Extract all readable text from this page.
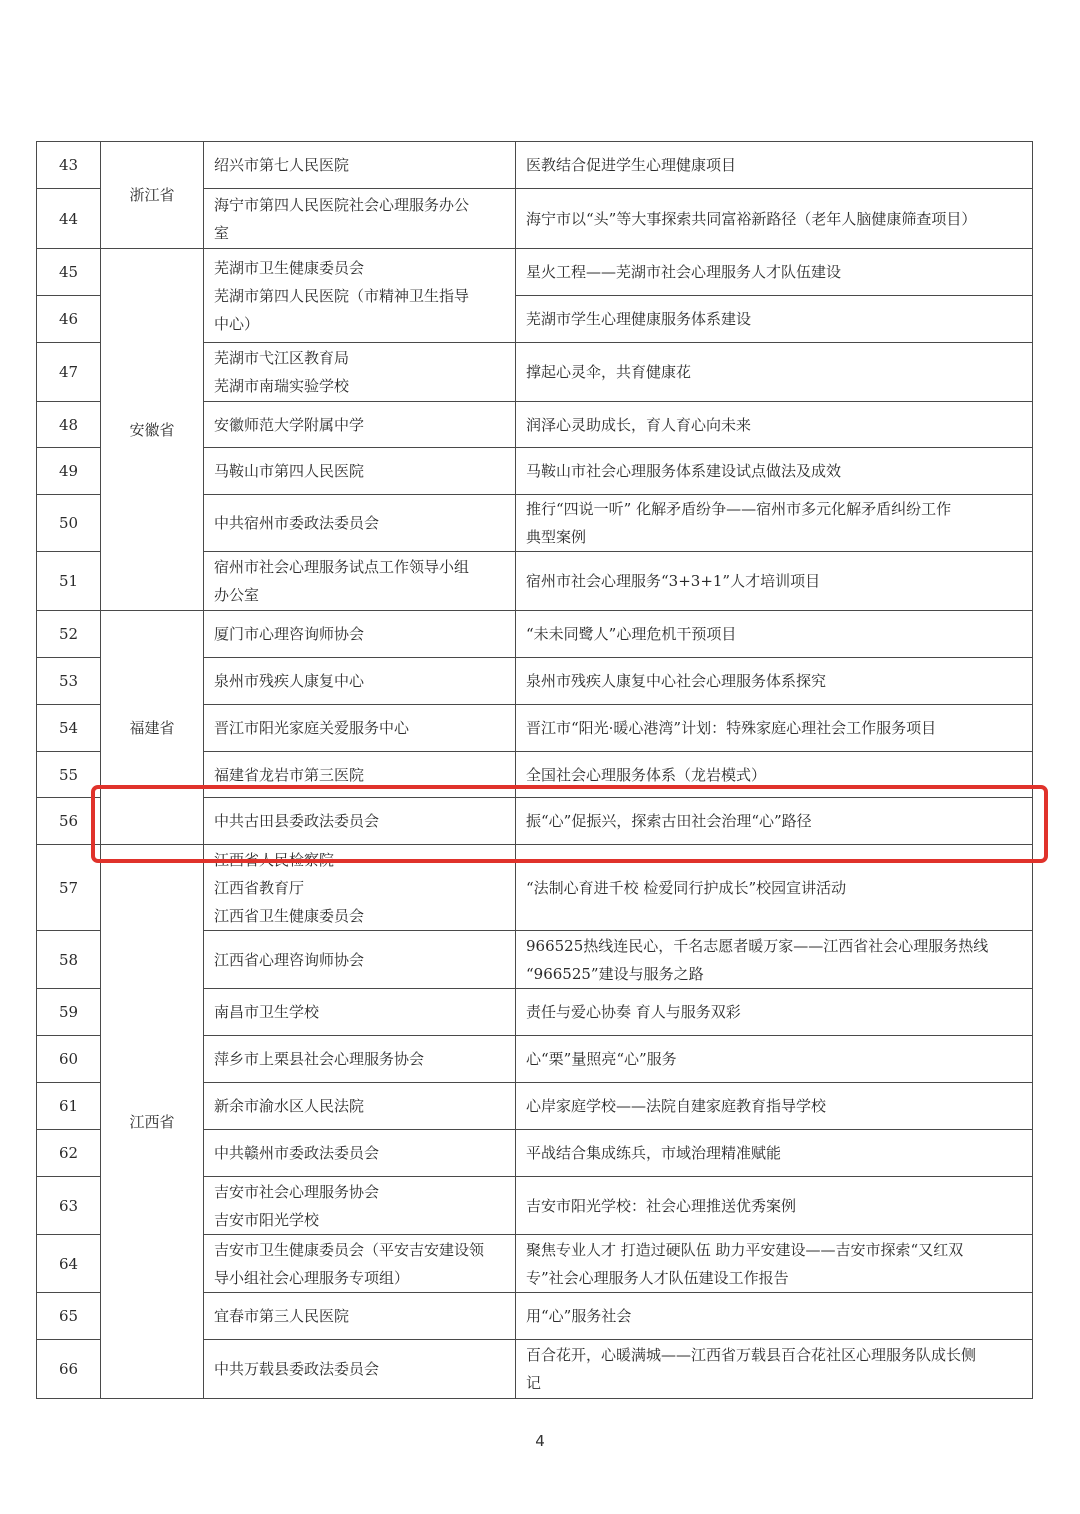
43	浙江省	绍兴市第七人民医院	医教结合促进学生心理健康项目

44		海宁市第四人民医院社会心理服务办公
室	海宁市以“头”等大事探索共同富裕新路径（老年人脑健康筛查项目）

45	安徽省	芜湖市卫生健康委员会
芜湖市第四人民医院（市精神卫生指导
中心）	星火工程——芜湖市社会心理服务人才队伍建设

46			芜湖市学生心理健康服务体系建设

47		芜湖市弋江区教育局
芜湖市南瑞实验学校	撑起心灵伞，共育健康花

48		安徽师范大学附属中学	润泽心灵助成长，育人育心向未来

49		马鞍山市第四人民医院	马鞍山市社会心理服务体系建设试点做法及成效

50		中共宿州市委政法委员会	推行“四说一听” 化解矛盾纷争——宿州市多元化解矛盾纠纷工作
典型案例

51		宿州市社会心理服务试点工作领导小组
办公室	宿州市社会心理服务“3+3+1”人才培训项目

52	福建省	厦门市心理咨询师协会	“未未同鹭人”心理危机干预项目

53		泉州市残疾人康复中心	泉州市残疾人康复中心社会心理服务体系探究

54		晋江市阳光家庭关爱服务中心	晋江市“阳光·暖心港湾”计划：特殊家庭心理社会工作服务项目

55		福建省龙岩市第三医院	全国社会心理服务体系（龙岩模式）

56		中共古田县委政法委员会	振“心”促振兴，探索古田社会治理“心”路径

57	江西省	江西省人民检察院
江西省教育厅
江西省卫生健康委员会	“法制心育进千校 检爱同行护成长”校园宣讲活动

58		江西省心理咨询师协会	966525热线连民心，千名志愿者暖万家——江西省社会心理服务热线
“966525”建设与服务之路

59		南昌市卫生学校	责任与爱心协奏 育人与服务双彩

60		萍乡市上栗县社会心理服务协会	心“栗”量照亮“心”服务

61		新余市渝水区人民法院	心岸家庭学校——法院自建家庭教育指导学校

62		中共赣州市委政法委员会	平战结合集成练兵，市域治理精准赋能

63		吉安市社会心理服务协会
吉安市阳光学校	吉安市阳光学校：社会心理推送优秀案例

64		吉安市卫生健康委员会（平安吉安建设领
导小组社会心理服务专项组）	聚焦专业人才 打造过硬队伍 助力平安建设——吉安市探索“又红双
专”社会心理服务人才队伍建设工作报告

65		宜春市第三人民医院	用“心”服务社会

66		中共万载县委政法委员会	百合花开，心暖满城——江西省万载县百合花社区心理服务队成长侧
记
4
